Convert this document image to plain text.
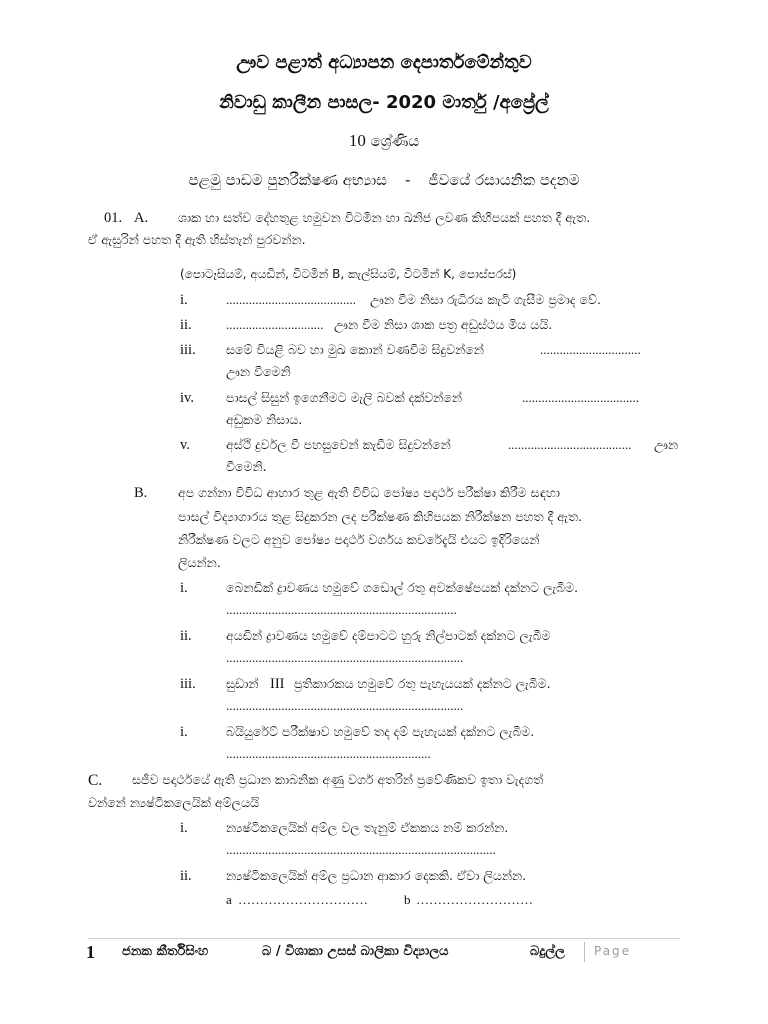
ඌව පළාත් අධ්‍යාපන දෙපාර්තමේන්තුව
නිවාඩු කාලීන පාසල- 2020 මාර්තු /අප්‍රේල්
10 ශ්‍රේණිය
පළමු පාඩම පුනරීක්ෂණ අභ්‍යාස - ජීවයේ රසායනික පදනම
01. A. ශාක හා සත්ව දේහතුළ හමුවන විටමින හා ඛනිජ ලවණ කිහිපයක් පහත දී ඇත.
ඒ ඇසුරින් පහත දී ඇති හිස්තැන් පුරවන්න.
(පොටෑසියම්, අයඩින්, විටමින් B, කැල්සියම්, විටමින් K, පොස්පරස්)
i.	........................................ ඌන වීම නිසා රුධිරය කැටි ගැසීම ප්‍රමාද වේ.
ii.	.............................. ඌන වීම නිසා ශාක පත්‍ර අඩුස්ථය මිය යයි.
iii. සමේ වියළි බව හා මුඛ කොන් වණවීම සිදුවන්නේ	...............................
ඌන වීමෙනි
iv.	පාසල් සිසුන් ඉගෙනීමට මැලි බවක් දක්වන්නේ	....................................
අඩුකම නිසාය.
v.	අස්ථි දුර්වල වී පහසුවෙන් කැඩීම සිදුවන්නේ	...................................... ඌන
වීමෙනි.
B. අප ගන්නා විවිධ ආහාර තුළ ඇති විවිධ පෝෂ්‍ය පදාර්ථ පරීක්ෂා කිරීම සඳහා
පාසල් විද්‍යාගාරය තුළ සිදුකරන ලද පරීක්ෂණ කිහිපයක නිරීක්ෂන පහත දී ඇත.
නිරීක්ෂණ වලට අනුව පෝෂ්‍ය පදාර්ථ වර්ගය කවරේදැයි එයට ඉදිරියෙන්
ලියන්න.
i.	බෙනඩික් ද්‍රාවණය හමුවේ ගඩොල් රතු අවක්ෂේපයක් දක්නට ලැබීම.
.......................................................................
ii.	අයඩින් ද්‍රාවණය හමුවේ දම්පාටට හුරු නිල්පාටක් දක්නට ලැබීම
.........................................................................
iii. සුඩාන් III ප්‍රතිකාරකය හමුවේ රතු පැහැයයක් දක්නට ලැබීම.
.........................................................................
i.	බයියුරේට් පරීක්ෂාව හමුවේ තද දම් පැහැයක් දක්නට ලැබීම.
...............................................................
C. සජීව පදාර්ථයේ ඇති ප්‍රධාන කාබනික අණු වර්ග අතරින් ප්‍රවේණිකව ඉතා වැදගත්
වන්නේ න්‍යෂ්ටිකලෙයික් අම්ලයයි
i.	න්‍යෂ්ටිකලෙයික් අම්ල වල තැනුම් ඒකකය නම් කරන්න.
...................................................................................
ii.	න්‍යෂ්ටිකලෙයික් අම්ල ප්‍රධාන ආකාර දෙකකි. ඒවා ලියන්න.
a …………………………	b ………………………
1 ජනක කීර්තිසිංහ	බ / විශාකා උසස් බාලිකා විද්‍යාලය	බදුල්ල Page
